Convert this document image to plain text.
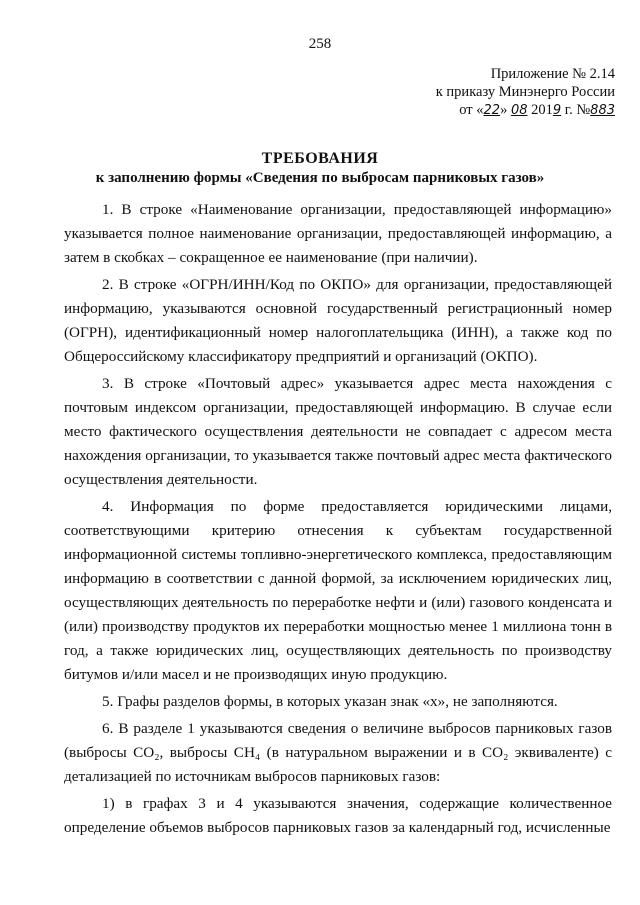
258
Приложение № 2.14
к приказу Минэнерго России
от «22» 08 2019 г. №883
ТРЕБОВАНИЯ
к заполнению формы «Сведения по выбросам парниковых газов»

1. В строке «Наименование организации, предоставляющей информацию» указывается полное наименование организации, предоставляющей информацию, а затем в скобках – сокращенное ее наименование (при наличии).

2. В строке «ОГРН/ИНН/Код по ОКПО» для организации, предоставляющей информацию, указываются основной государственный регистрационный номер (ОГРН), идентификационный номер налогоплательщика (ИНН), а также код по Общероссийскому классификатору предприятий и организаций (ОКПО).

3. В строке «Почтовый адрес» указывается адрес места нахождения с почтовым индексом организации, предоставляющей информацию. В случае если место фактического осуществления деятельности не совпадает с адресом места нахождения организации, то указывается также почтовый адрес места фактического осуществления деятельности.

4. Информация по форме предоставляется юридическими лицами, соответствующими критерию отнесения к субъектам государственной информационной системы топливно-энергетического комплекса, предоставляющим информацию в соответствии с данной формой, за исключением юридических лиц, осуществляющих деятельность по переработке нефти и (или) газового конденсата и (или) производству продуктов их переработки мощностью менее 1 миллиона тонн в год, а также юридических лиц, осуществляющих деятельность по производству битумов и/или масел и не производящих иную продукцию.

5. Графы разделов формы, в которых указан знак «х», не заполняются.

6. В разделе 1 указываются сведения о величине выбросов парниковых газов (выбросы CO₂, выбросы CH₄ (в натуральном выражении и в CO₂ эквиваленте) с детализацией по источникам выбросов парниковых газов:

1) в графах 3 и 4 указываются значения, содержащие количественное определение объемов выбросов парниковых газов за календарный год, исчисленные
